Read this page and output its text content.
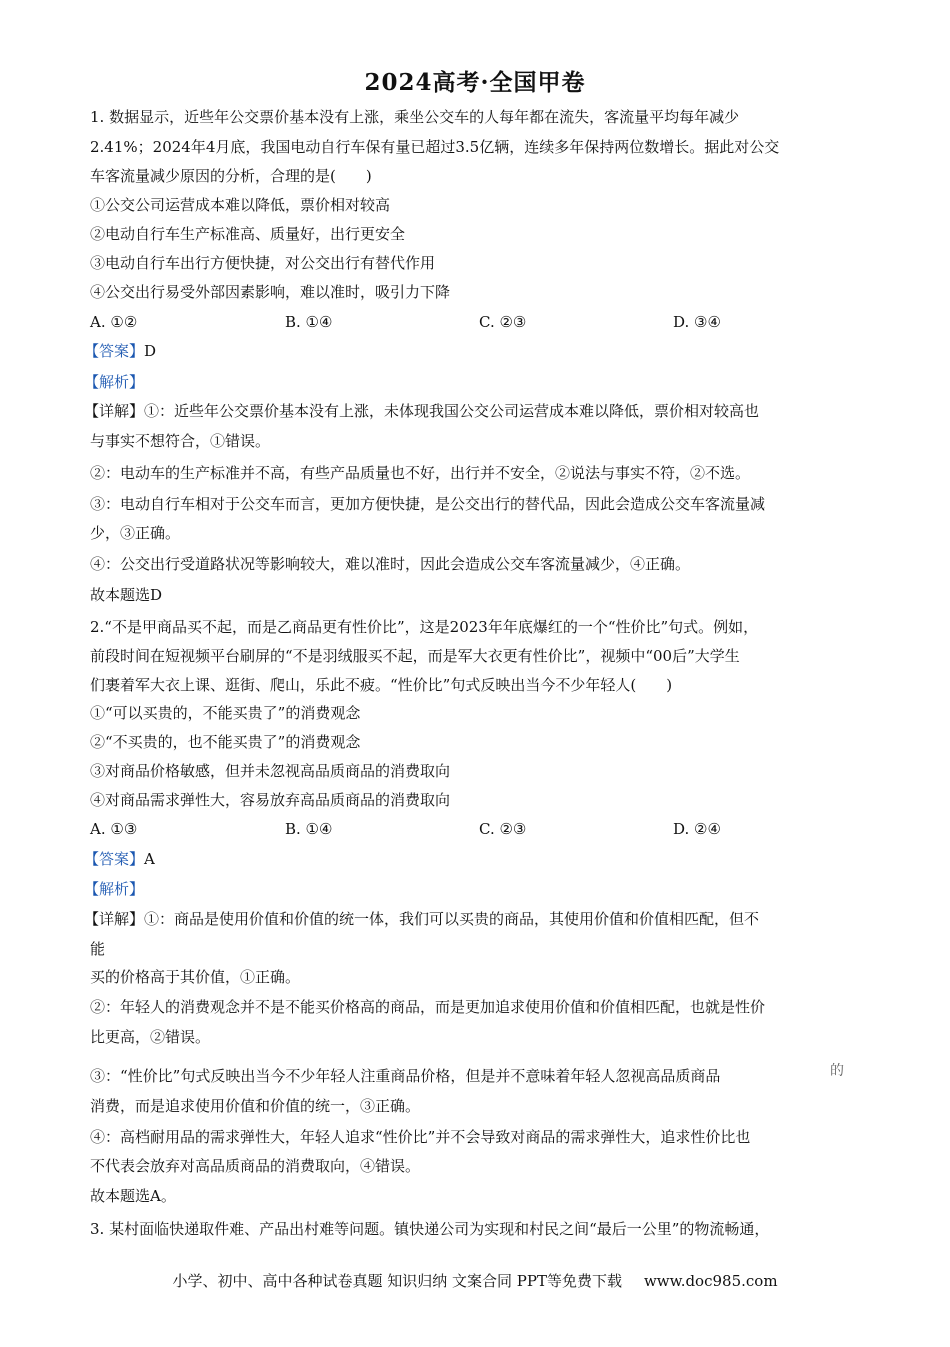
2024高考·全国甲卷
1. 数据显示，近些年公交票价基本没有上涨，乘坐公交车的人每年都在流失，客流量平均每年减少
2.41%；2024年4月底，我国电动自行车保有量已超过3.5亿辆，连续多年保持两位数增长。据此对公交
车客流量减少原因的分析，合理的是(　　)
①公交公司运营成本难以降低，票价相对较高
②电动自行车生产标准高、质量好，出行更安全
③电动自行车出行方便快捷，对公交出行有替代作用
④公交出行易受外部因素影响，难以准时，吸引力下降
A. ①②	B. ①④	C. ②③	D. ③④
【答案】D
【解析】
【详解】①：近些年公交票价基本没有上涨，未体现我国公交公司运营成本难以降低，票价相对较高也
与事实不想符合，①错误。
②：电动车的生产标准并不高，有些产品质量也不好，出行并不安全，②说法与事实不符，②不选。
③：电动自行车相对于公交车而言，更加方便快捷，是公交出行的替代品，因此会造成公交车客流量减
少，③正确。
④：公交出行受道路状况等影响较大，难以准时，因此会造成公交车客流量减少，④正确。
故本题选D
2.“不是甲商品买不起，而是乙商品更有性价比”，这是2023年年底爆红的一个“性价比”句式。例如，
前段时间在短视频平台刷屏的“不是羽绒服买不起，而是军大衣更有性价比”，视频中“00后”大学生
们裹着军大衣上课、逛街、爬山，乐此不疲。“性价比”句式反映出当今不少年轻人(　　)
①“可以买贵的，不能买贵了”的消费观念
②“不买贵的，也不能买贵了”的消费观念
③对商品价格敏感，但并未忽视高品质商品的消费取向
④对商品需求弹性大，容易放弃高品质商品的消费取向
A. ①③	B. ①④	C. ②③	D. ②④
【答案】A
【解析】
【详解】①：商品是使用价值和价值的统一体，我们可以买贵的商品，其使用价值和价值相匹配，但不
能
买的价格高于其价值，①正确。
②：年轻人的消费观念并不是不能买价格高的商品，而是更加追求使用价值和价值相匹配，也就是性价
比更高，②错误。
③：“性价比”句式反映出当今不少年轻人注重商品价格，但是并不意味着年轻人忽视高品质商品	的
消费，而是追求使用价值和价值的统一，③正确。
④：高档耐用品的需求弹性大，年轻人追求“性价比”并不会导致对商品的需求弹性大，追求性价比也
不代表会放弃对高品质商品的消费取向，④错误。
故本题选A。
3. 某村面临快递取件难、产品出村难等问题。镇快递公司为实现和村民之间“最后一公里”的物流畅通，
小学、初中、高中各种试卷真题 知识归纳 文案合同 PPT等免费下载 www.doc985.com
